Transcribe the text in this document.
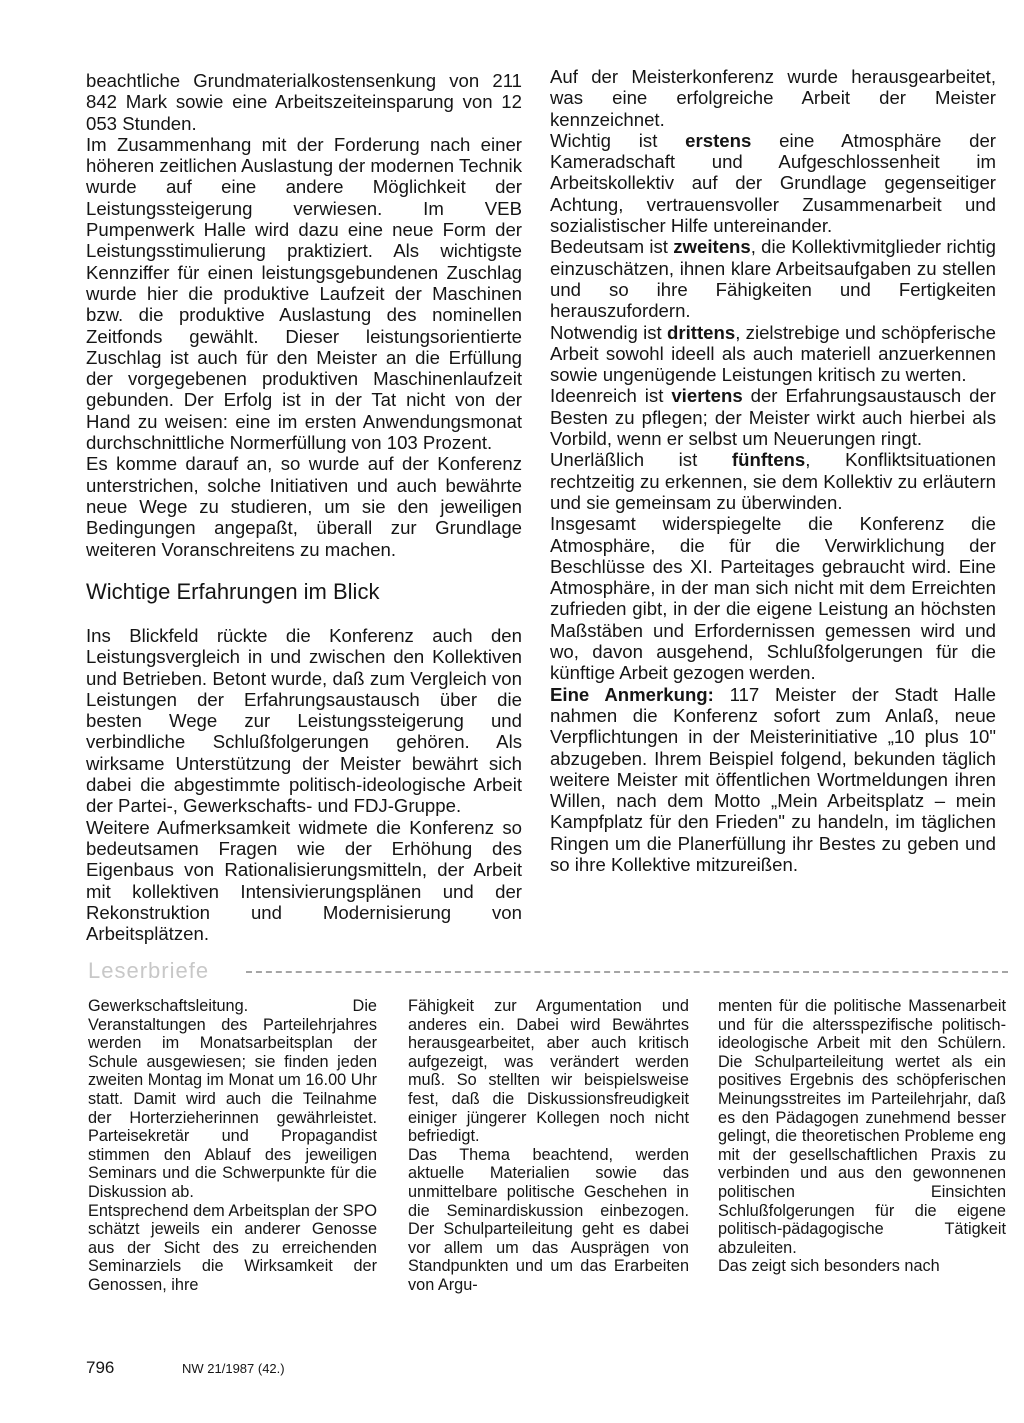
beachtliche Grundmaterialkostensenkung von 211 842 Mark sowie eine Arbeitszeiteinsparung von 12 053 Stunden.

Im Zusammenhang mit der Forderung nach einer höheren zeitlichen Auslastung der modernen Technik wurde auf eine andere Möglichkeit der Leistungssteigerung verwiesen. Im VEB Pumpenwerk Halle wird dazu eine neue Form der Leistungsstimulierung praktiziert. Als wichtigste Kennziffer für einen leistungsgebundenen Zuschlag wurde hier die produktive Laufzeit der Maschinen bzw. die produktive Auslastung des nominellen Zeitfonds gewählt. Dieser leistungsorientierte Zuschlag ist auch für den Meister an die Erfüllung der vorgegebenen produktiven Maschinenlaufzeit gebunden. Der Erfolg ist in der Tat nicht von der Hand zu weisen: eine im ersten Anwendungsmonat durchschnittliche Normerfüllung von 103 Prozent.

Es komme darauf an, so wurde auf der Konferenz unterstrichen, solche Initiativen und auch bewährte neue Wege zu studieren, um sie den jeweiligen Bedingungen angepaßt, überall zur Grundlage weiteren Voranschreitens zu machen.

Wichtige Erfahrungen im Blick

Ins Blickfeld rückte die Konferenz auch den Leistungsvergleich in und zwischen den Kollektiven und Betrieben. Betont wurde, daß zum Vergleich von Leistungen der Erfahrungsaustausch über die besten Wege zur Leistungssteigerung und verbindliche Schlußfolgerungen gehören. Als wirksame Unterstützung der Meister bewährt sich dabei die abgestimmte politisch-ideologische Arbeit der Partei-, Gewerkschafts- und FDJ-Gruppe.

Weitere Aufmerksamkeit widmete die Konferenz so bedeutsamen Fragen wie der Erhöhung des Eigenbaus von Rationalisierungsmitteln, der Arbeit mit kollektiven Intensivierungsplänen und der Rekonstruktion und Modernisierung von Arbeitsplätzen.

Auf der Meisterkonferenz wurde herausgearbeitet, was eine erfolgreiche Arbeit der Meister kennzeichnet.

Wichtig ist erstens eine Atmosphäre der Kameradschaft und Aufgeschlossenheit im Arbeitskollektiv auf der Grundlage gegenseitiger Achtung, vertrauensvoller Zusammenarbeit und sozialistischer Hilfe untereinander.

Bedeutsam ist zweitens, die Kollektivmitglieder richtig einzuschätzen, ihnen klare Arbeitsaufgaben zu stellen und so ihre Fähigkeiten und Fertigkeiten herauszufordern.

Notwendig ist drittens, zielstrebige und schöpferische Arbeit sowohl ideell als auch materiell anzuerkennen sowie ungenügende Leistungen kritisch zu werten.

Ideenreich ist viertens der Erfahrungsaustausch der Besten zu pflegen; der Meister wirkt auch hierbei als Vorbild, wenn er selbst um Neuerungen ringt.

Unerläßlich ist fünftens, Konfliktsituationen rechtzeitig zu erkennen, sie dem Kollektiv zu erläutern und sie gemeinsam zu überwinden.

Insgesamt widerspiegelte die Konferenz die Atmosphäre, die für die Verwirklichung der Beschlüsse des XI. Parteitages gebraucht wird. Eine Atmosphäre, in der man sich nicht mit dem Erreichten zufrieden gibt, in der die eigene Leistung an höchsten Maßstäben und Erfordernissen gemessen wird und wo, davon ausgehend, Schlußfolgerungen für die künftige Arbeit gezogen werden.

Eine Anmerkung: 117 Meister der Stadt Halle nahmen die Konferenz sofort zum Anlaß, neue Verpflichtungen in der Meisterinitiative „10 plus 10" abzugeben. Ihrem Beispiel folgend, bekunden täglich weitere Meister mit öffentlichen Wortmeldungen ihren Willen, nach dem Motto „Mein Arbeitsplatz – mein Kampfplatz für den Frieden" zu handeln, im täglichen Ringen um die Planerfüllung ihr Bestes zu geben und so ihre Kollektive mitzureißen.

Leserbriefe

Gewerkschaftsleitung. Die Veranstaltungen des Parteilehrjahres werden im Monatsarbeitsplan der Schule ausgewiesen; sie finden jeden zweiten Montag im Monat um 16.00 Uhr statt. Damit wird auch die Teilnahme der Horterzieherinnen gewährleistet. Parteisekretär und Propagandist stimmen den Ablauf des jeweiligen Seminars und die Schwerpunkte für die Diskussion ab.

Entsprechend dem Arbeitsplan der SPO schätzt jeweils ein anderer Genosse aus der Sicht des zu erreichenden Seminarziels die Wirksamkeit der Genossen, ihre

Fähigkeit zur Argumentation und anderes ein. Dabei wird Bewährtes herausgearbeitet, aber auch kritisch aufgezeigt, was verändert werden muß. So stellten wir beispielsweise fest, daß die Diskussionsfreudigkeit einiger jüngerer Kollegen noch nicht befriedigt.

Das Thema beachtend, werden aktuelle Materialien sowie das unmittelbare politische Geschehen in die Seminardiskussion einbezogen. Der Schulparteileitung geht es dabei vor allem um das Ausprägen von Standpunkten und um das Erarbeiten von Argu-

menten für die politische Massenarbeit und für die altersspezifische politisch-ideologische Arbeit mit den Schülern. Die Schulparteileitung wertet als ein positives Ergebnis des schöpferischen Meinungsstreites im Parteilehrjahr, daß es den Pädagogen zunehmend besser gelingt, die theoretischen Probleme eng mit der gesellschaftlichen Praxis zu verbinden und aus den gewonnenen politischen Einsichten Schlußfolgerungen für die eigene politisch-pädagogische Tätigkeit abzuleiten.

Das zeigt sich besonders nach

796	NW 21/1987 (42.)
